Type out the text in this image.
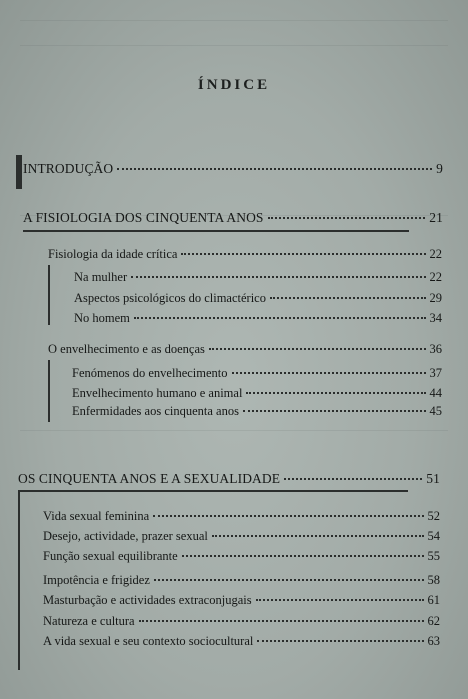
ÍNDICE
INTRODUÇÃO	9
A FISIOLOGIA DOS CINQUENTA ANOS	21
Fisiologia da idade crítica	22
Na mulher	22
Aspectos psicológicos do climactérico	29
No homem	34
O envelhecimento e as doenças	36
Fenómenos do envelhecimento	37
Envelhecimento humano e animal	44
Enfermidades aos cinquenta anos	45
OS CINQUENTA ANOS E A SEXUALIDADE	51
Vida sexual feminina	52
Desejo, actividade, prazer sexual	54
Função sexual equilibrante	55
Impotência e frigidez	58
Masturbação e actividades extraconjugais	61
Natureza e cultura	62
A vida sexual e seu contexto sociocultural	63
